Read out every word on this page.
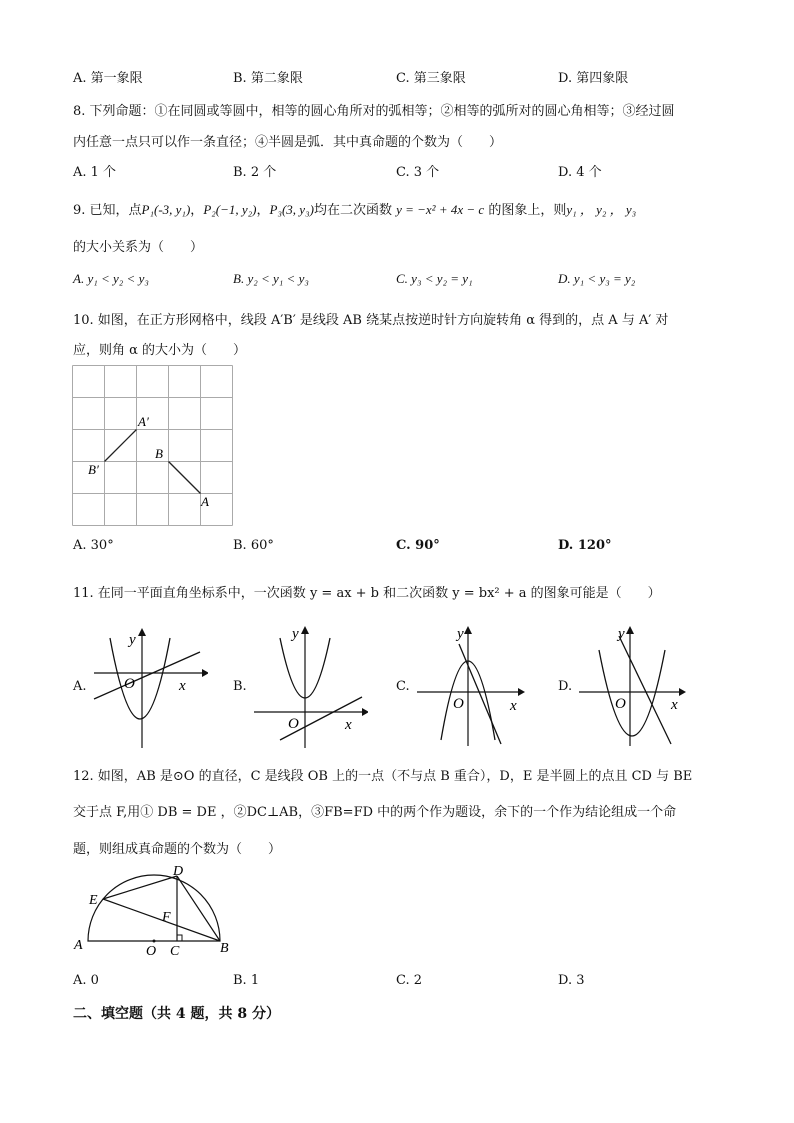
A. 第一象限	B. 第二象限	C. 第三象限	D. 第四象限
8. 下列命题：①在同圆或等圆中，相等的圆心角所对的弧相等；②相等的弧所对的圆心角相等；③经过圆
内任意一点只可以作一条直径；④半圆是弧．其中真命题的个数为（　　）
A. 1 个	B. 2 个	C. 3 个	D. 4 个
9. 已知，点P₁(-3, y₁)，P₂(−1, y₂)，P₃(3, y₃)均在二次函数 y = −x² + 4x − c 的图象上，则y₁ ， y₂ ， y₃
的大小关系为（　　）
A. y₁ < y₂ < y₃	B. y₂ < y₁ < y₃	C. y₃ < y₂ = y₁	D. y₁ < y₃ = y₂
10. 如图，在正方形网格中，线段 A′B′ 是线段 AB 绕某点按逆时针方向旋转角 α 得到的，点 A 与 A′ 对
应，则角 α 的大小为（　　）
A′
B′
B
A
A. 30°	B. 60°	C. 90°	D. 120°
11. 在同一平面直角坐标系中，一次函数 y = ax + b 和二次函数 y = bx² + a 的图象可能是（　　）
A.
y
x
O	B.
y
x
O
C.
y
x
O
D.
y
x
O
12. 如图，AB 是⊙O 的直径，C 是线段 OB 上的一点（不与点 B 重合），D，E 是半圆上的点且 CD 与 BE
交于点 F,用① DB = DE ，②DC⊥AB，③FB=FD 中的两个作为题设，余下的一个作为结论组成一个命
题，则组成真命题的个数为（　　）
D
E
F
A	O C	B
A. 0	B. 1	C. 2	D. 3
二、填空题（共 4 题，共 8 分）
